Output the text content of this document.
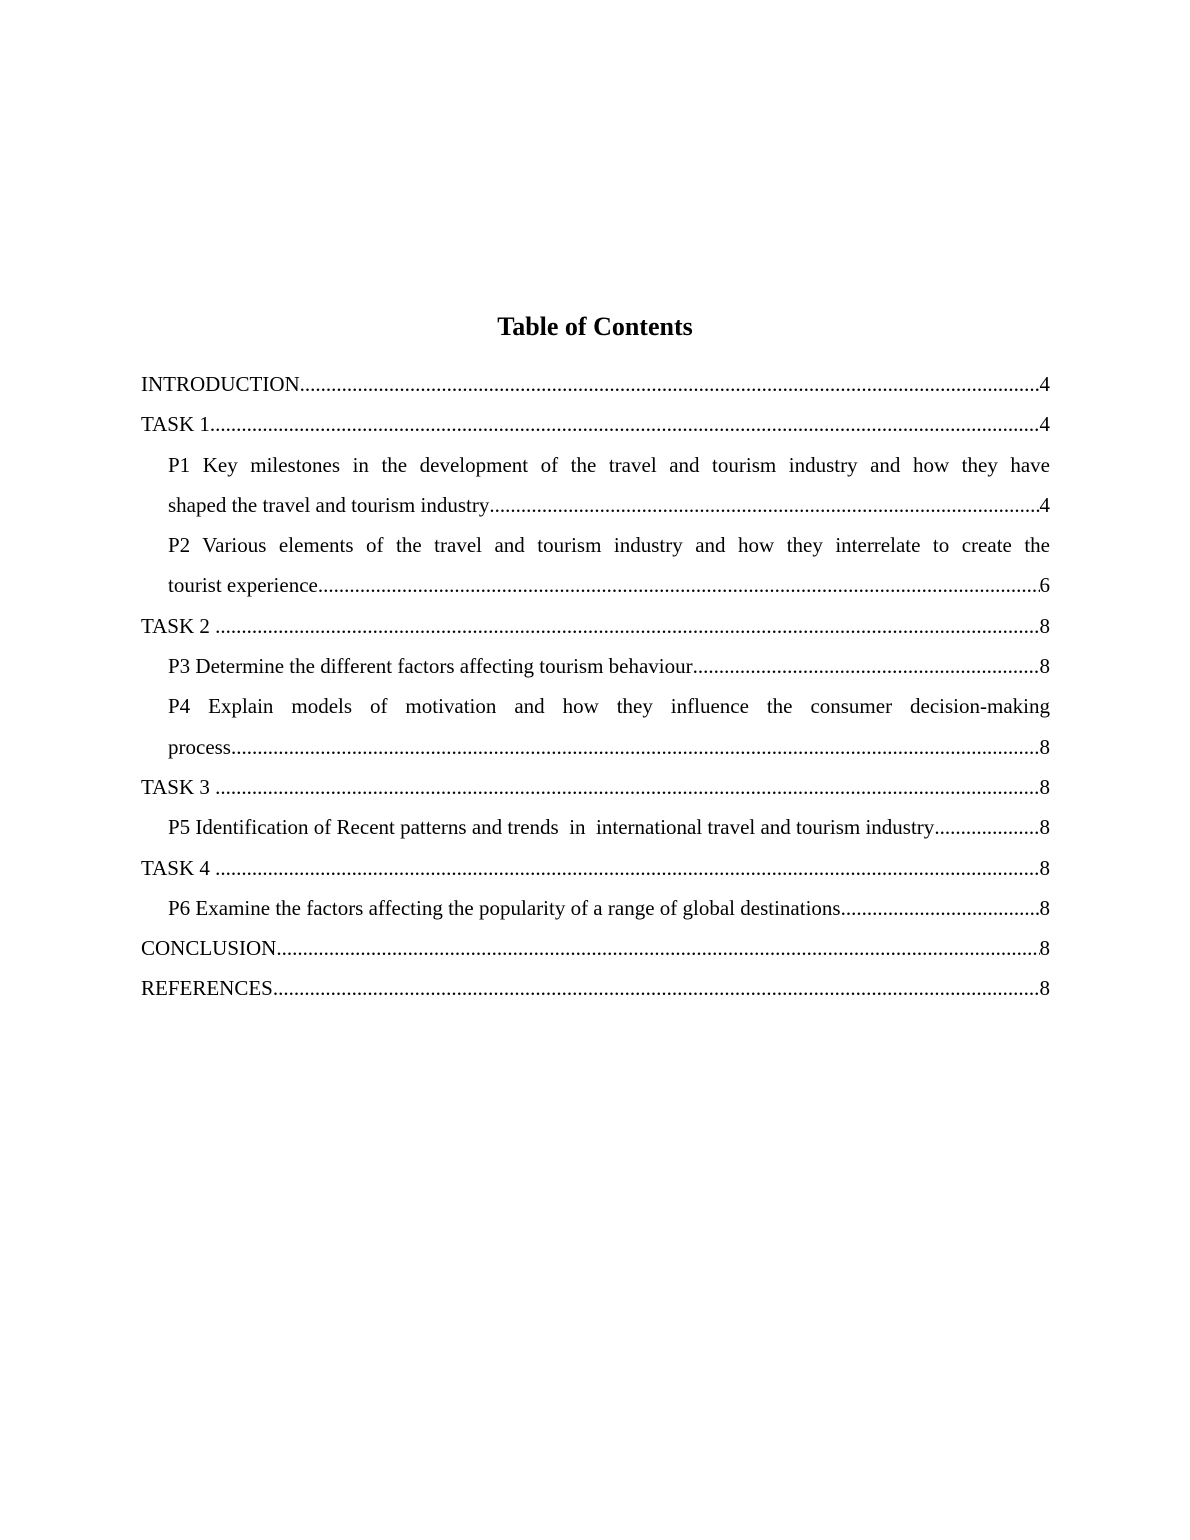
Table of Contents
INTRODUCTION .....	4
TASK 1 .....	4
P1 Key milestones in the development of the travel and tourism industry and how they have
shaped the travel and tourism industry .....	4
P2 Various elements of the travel and tourism industry and how they interrelate to create the
tourist experience .....	6
TASK 2 .....	8
P3 Determine the different factors affecting tourism behaviour .....	8
P4 Explain models of motivation and how they influence the consumer decision-making
process .....	8
TASK 3 .....	8
P5 Identification of Recent patterns and trends  in  international travel and tourism industry .....	8
TASK 4 .....	8
P6 Examine the factors affecting the popularity of a range of global destinations .....	8
CONCLUSION .....	8
REFERENCES .....	8
